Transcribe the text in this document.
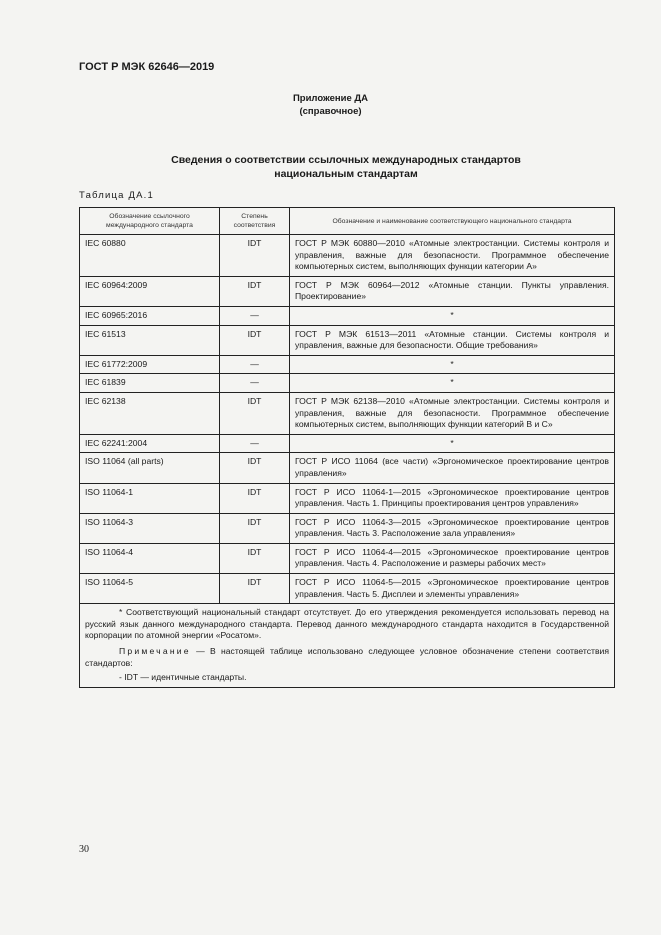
ГОСТ Р МЭК 62646—2019
Приложение ДА
(справочное)
Сведения о соответствии ссылочных международных стандартов
национальным стандартам
Таблица ДА.1
Обозначение ссылочного международного стандарта	Степень соответствия	Обозначение и наименование соответствующего национального стандарта
IEC 60880	IDT	ГОСТ Р МЭК 60880—2010 «Атомные электростанции. Системы контроля и управления, важные для безопасности. Программное обеспечение компьютерных систем, выполняющих функции категории А»
IEC 60964:2009	IDT	ГОСТ Р МЭК 60964—2012 «Атомные станции. Пункты управления. Проектирование»
IEC 60965:2016	—	*
IEC 61513	IDT	ГОСТ Р МЭК 61513—2011 «Атомные станции. Системы контроля и управления, важные для безопасности. Общие требования»
IEC 61772:2009	—	*
IEC 61839	—	*
IEC 62138	IDT	ГОСТ Р МЭК 62138—2010 «Атомные электростанции. Системы контроля и управления, важные для безопасности. Программное обеспечение компьютерных систем, выполняющих функции категорий В и С»
IEC 62241:2004	—	*
ISO 11064 (all parts)	IDT	ГОСТ Р ИСО 11064 (все части) «Эргономическое проектирование центров управления»
ISO 11064-1	IDT	ГОСТ Р ИСО 11064-1—2015 «Эргономическое проектирование центров управления. Часть 1. Принципы проектирования центров управления»
ISO 11064-3	IDT	ГОСТ Р ИСО 11064-3—2015 «Эргономическое проектирование центров управления. Часть 3. Расположение зала управления»
ISO 11064-4	IDT	ГОСТ Р ИСО 11064-4—2015 «Эргономическое проектирование центров управления. Часть 4. Расположение и размеры рабочих мест»
ISO 11064-5	IDT	ГОСТ Р ИСО 11064-5—2015 «Эргономическое проектирование центров управления. Часть 5. Дисплеи и элементы управления»

* Соответствующий национальный стандарт отсутствует. До его утверждения рекомендуется использовать перевод на русский язык данного международного стандарта. Перевод данного международного стандарта находится в Государственной корпорации по атомной энергии «Росатом».

Примечание — В настоящей таблице использовано следующее условное обозначение степени соответствия стандартов:

- IDT — идентичные стандарты.		

30
